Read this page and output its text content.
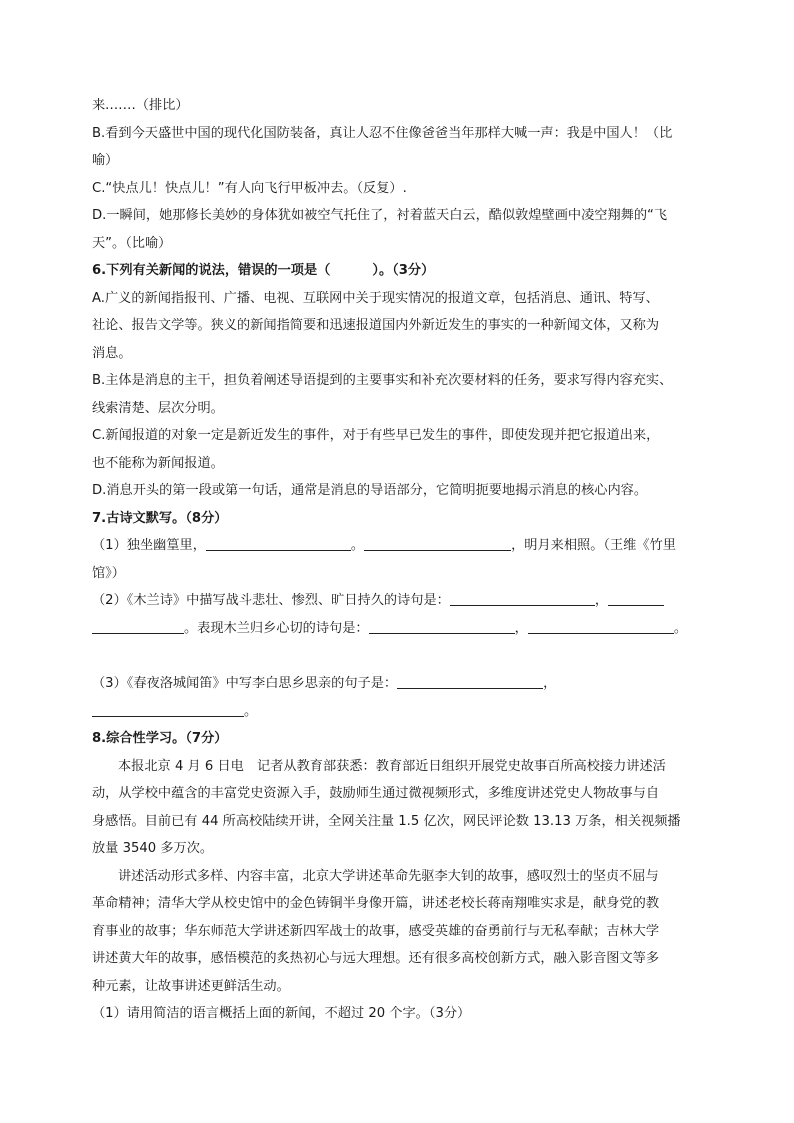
来.……（排比）
B.看到今天盛世中国的现代化国防装备，真让人忍不住像爸爸当年那样大喊一声：我是中国人！（比
喻）
C.“快点儿！快点儿！”有人向飞行甲板冲去。（反复）.
D.一瞬间，她那修长美妙的身体犹如被空气托住了，衬着蓝天白云，酷似敦煌壁画中凌空翔舞的“飞
天”。（比喻）
6.下列有关新闻的说法，错误的一项是（	）。（3分）
A.广义的新闻指报刊、广播、电视、互联网中关于现实情况的报道文章，包括消息、通讯、特写、
社论、报告文学等。狭义的新闻指简要和迅速报道国内外新近发生的事实的一种新闻文体，又称为
消息。
B.主体是消息的主干，担负着阐述导语提到的主要事实和补充次要材料的任务，要求写得内容充实、
线索清楚、层次分明。
C.新闻报道的对象一定是新近发生的事件，对于有些早已发生的事件，即使发现并把它报道出来，
也不能称为新闻报道。
D.消息开头的第一段或第一句话，通常是消息的导语部分，它简明扼要地揭示消息的核心内容。
7.古诗文默写。（8分）
（1）独坐幽篁里，	。	，明月来相照。（王维《竹里
馆》）
（2）《木兰诗》中描写战斗悲壮、惨烈、旷日持久的诗句是：	，
。表现木兰归乡心切的诗句是：	，	。
（3）《春夜洛城闻笛》中写李白思乡思亲的句子是：	，
。
8.综合性学习。（7分）
本报北京 4 月 6 日电　记者从教育部获悉：教育部近日组织开展党史故事百所高校接力讲述活
动，从学校中蕴含的丰富党史资源入手，鼓励师生通过微视频形式，多维度讲述党史人物故事与自
身感悟。目前已有 44 所高校陆续开讲，全网关注量 1.5 亿次，网民评论数 13.13 万条，相关视频播
放量 3540 多万次。
讲述活动形式多样、内容丰富，北京大学讲述革命先驱李大钊的故事，感叹烈士的坚贞不屈与
革命精神；清华大学从校史馆中的金色铸铜半身像开篇，讲述老校长蒋南翔唯实求是，献身党的教
育事业的故事；华东师范大学讲述新四军战士的故事，感受英雄的奋勇前行与无私奉献；吉林大学
讲述黄大年的故事，感悟模范的炙热初心与远大理想。还有很多高校创新方式，融入影音图文等多
种元素，让故事讲述更鲜活生动。
（1）请用简洁的语言概括上面的新闻，不超过 20 个字。（3分）
